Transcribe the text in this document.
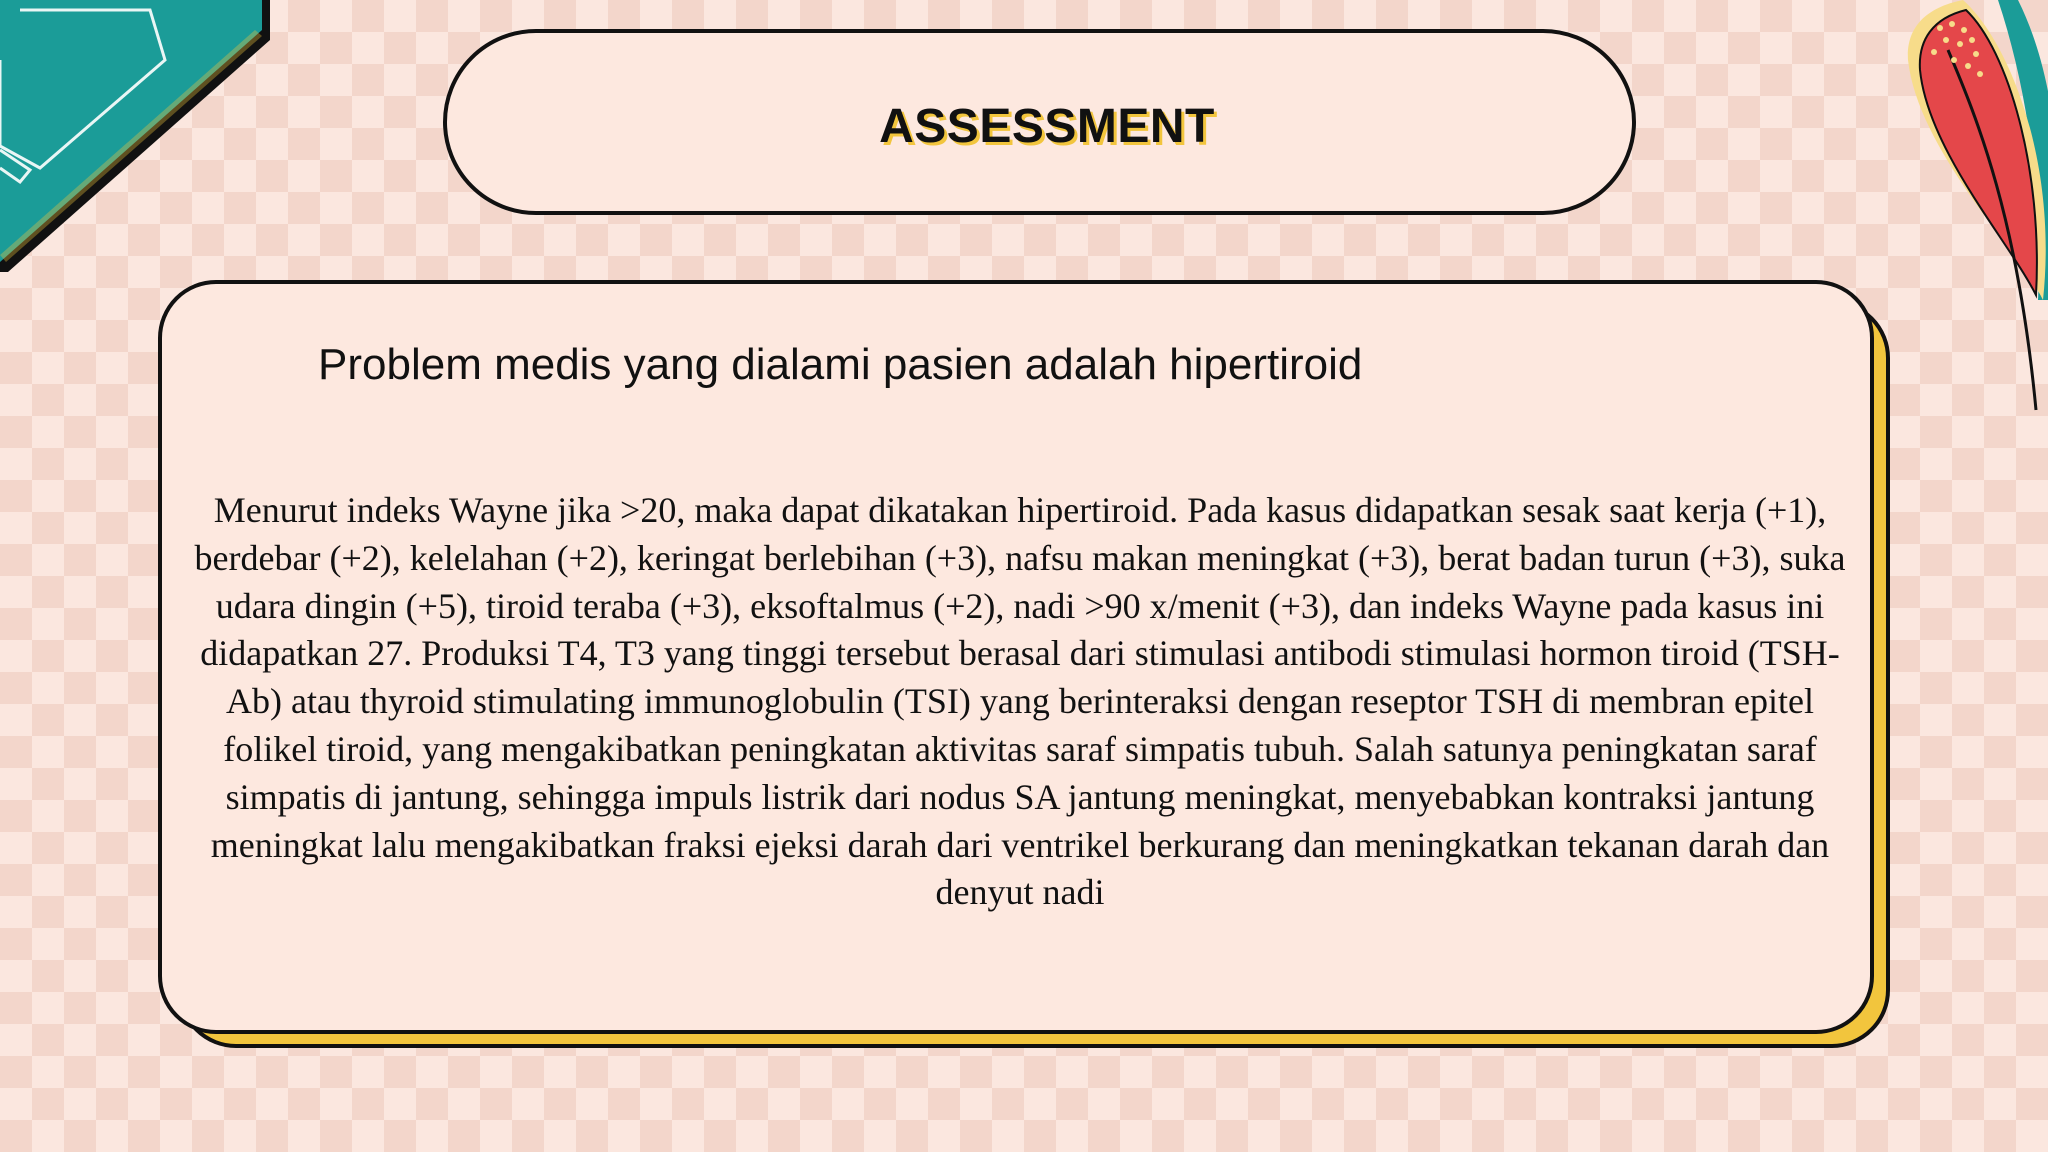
ASSESSMENT
Problem medis yang dialami pasien adalah hipertiroid

Menurut indeks Wayne jika >20, maka dapat dikatakan hipertiroid. Pada kasus didapatkan sesak saat kerja (+1), berdebar (+2), kelelahan (+2), keringat berlebihan (+3), nafsu makan meningkat (+3), berat badan turun (+3), suka udara dingin (+5), tiroid teraba (+3), eksoftalmus (+2), nadi >90 x/menit (+3), dan indeks Wayne pada kasus ini didapatkan 27. Produksi T4, T3 yang tinggi tersebut berasal dari stimulasi antibodi stimulasi hormon tiroid (TSH-Ab) atau thyroid stimulating immunoglobulin (TSI) yang berinteraksi dengan reseptor TSH di membran epitel folikel tiroid, yang mengakibatkan peningkatan aktivitas saraf simpatis tubuh. Salah satunya peningkatan saraf simpatis di jantung, sehingga impuls listrik dari nodus SA jantung meningkat, menyebabkan kontraksi jantung meningkat lalu mengakibatkan fraksi ejeksi darah dari ventrikel berkurang dan meningkatkan tekanan darah dan denyut nadi
